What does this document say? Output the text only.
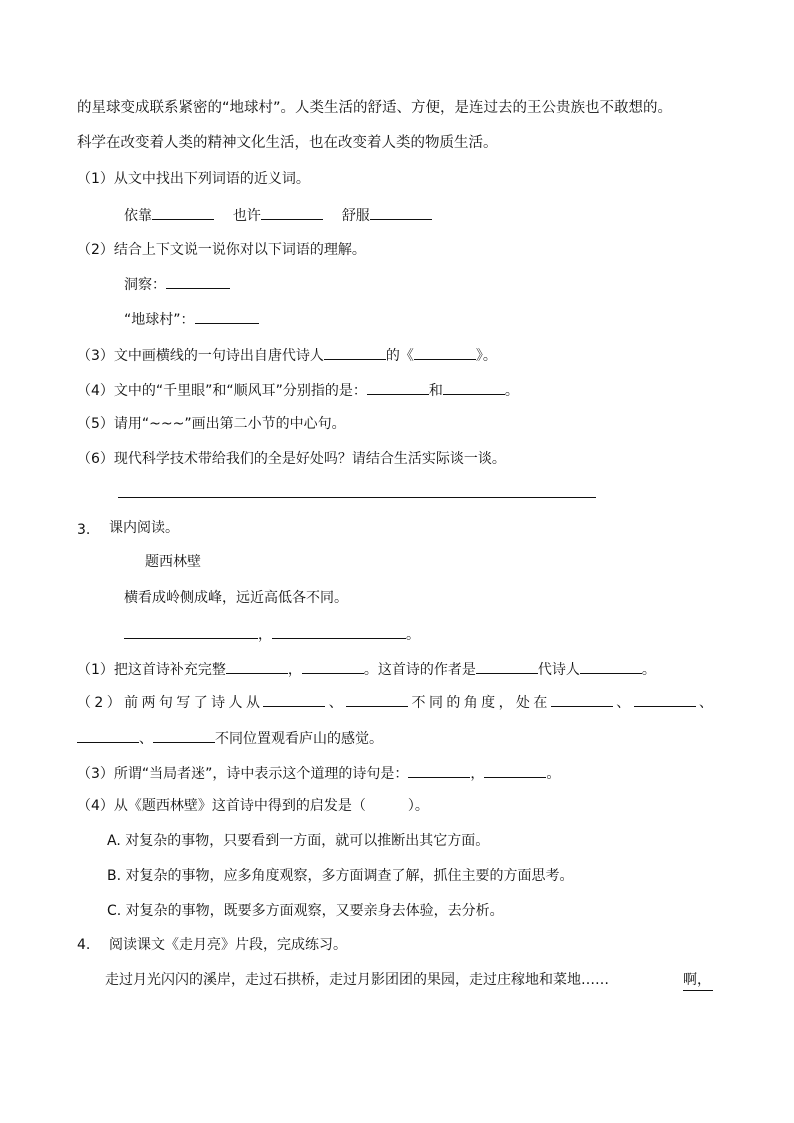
的星球变成联系紧密的“地球村”。人类生活的舒适、方便，是连过去的王公贵族也不敢想的。
科学在改变着人类的精神文化生活，也在改变着人类的物质生活。
（1）从文中找出下列词语的近义词。
依靠	也许	舒服
（2）结合上下文说一说你对以下词语的理解。
洞察：
“地球村”：
（3）文中画横线的一句诗出自唐代诗人	的《	》。
（4）文中的“千里眼”和“顺风耳”分别指的是：	和	。
（5）请用“~~~”画出第二小节的中心句。
（6）现代科学技术带给我们的全是好处吗？请结合生活实际谈一谈。
3. 课内阅读。
题西林壁
横看成岭侧成峰，远近高低各不同。
，	。
（1）把这首诗补充完整	，	。这首诗的作者是	代诗人	。
（2）前两句写了诗人从	、	不同的角度，处在	、	、
、	不同位置观看庐山的感觉。
（3）所谓“当局者迷”，诗中表示这个道理的诗句是：	，	。
（4）从《题西林壁》这首诗中得到的启发是（　　　）。
A. 对复杂的事物，只要看到一方面，就可以推断出其它方面。
B. 对复杂的事物，应多角度观察，多方面调查了解，抓住主要的方面思考。
C. 对复杂的事物，既要多方面观察，又要亲身去体验，去分析。
4. 阅读课文《走月亮》片段，完成练习。
走过月光闪闪的溪岸，走过石拱桥，走过月影团团的果园，走过庄稼地和菜地……	啊，
